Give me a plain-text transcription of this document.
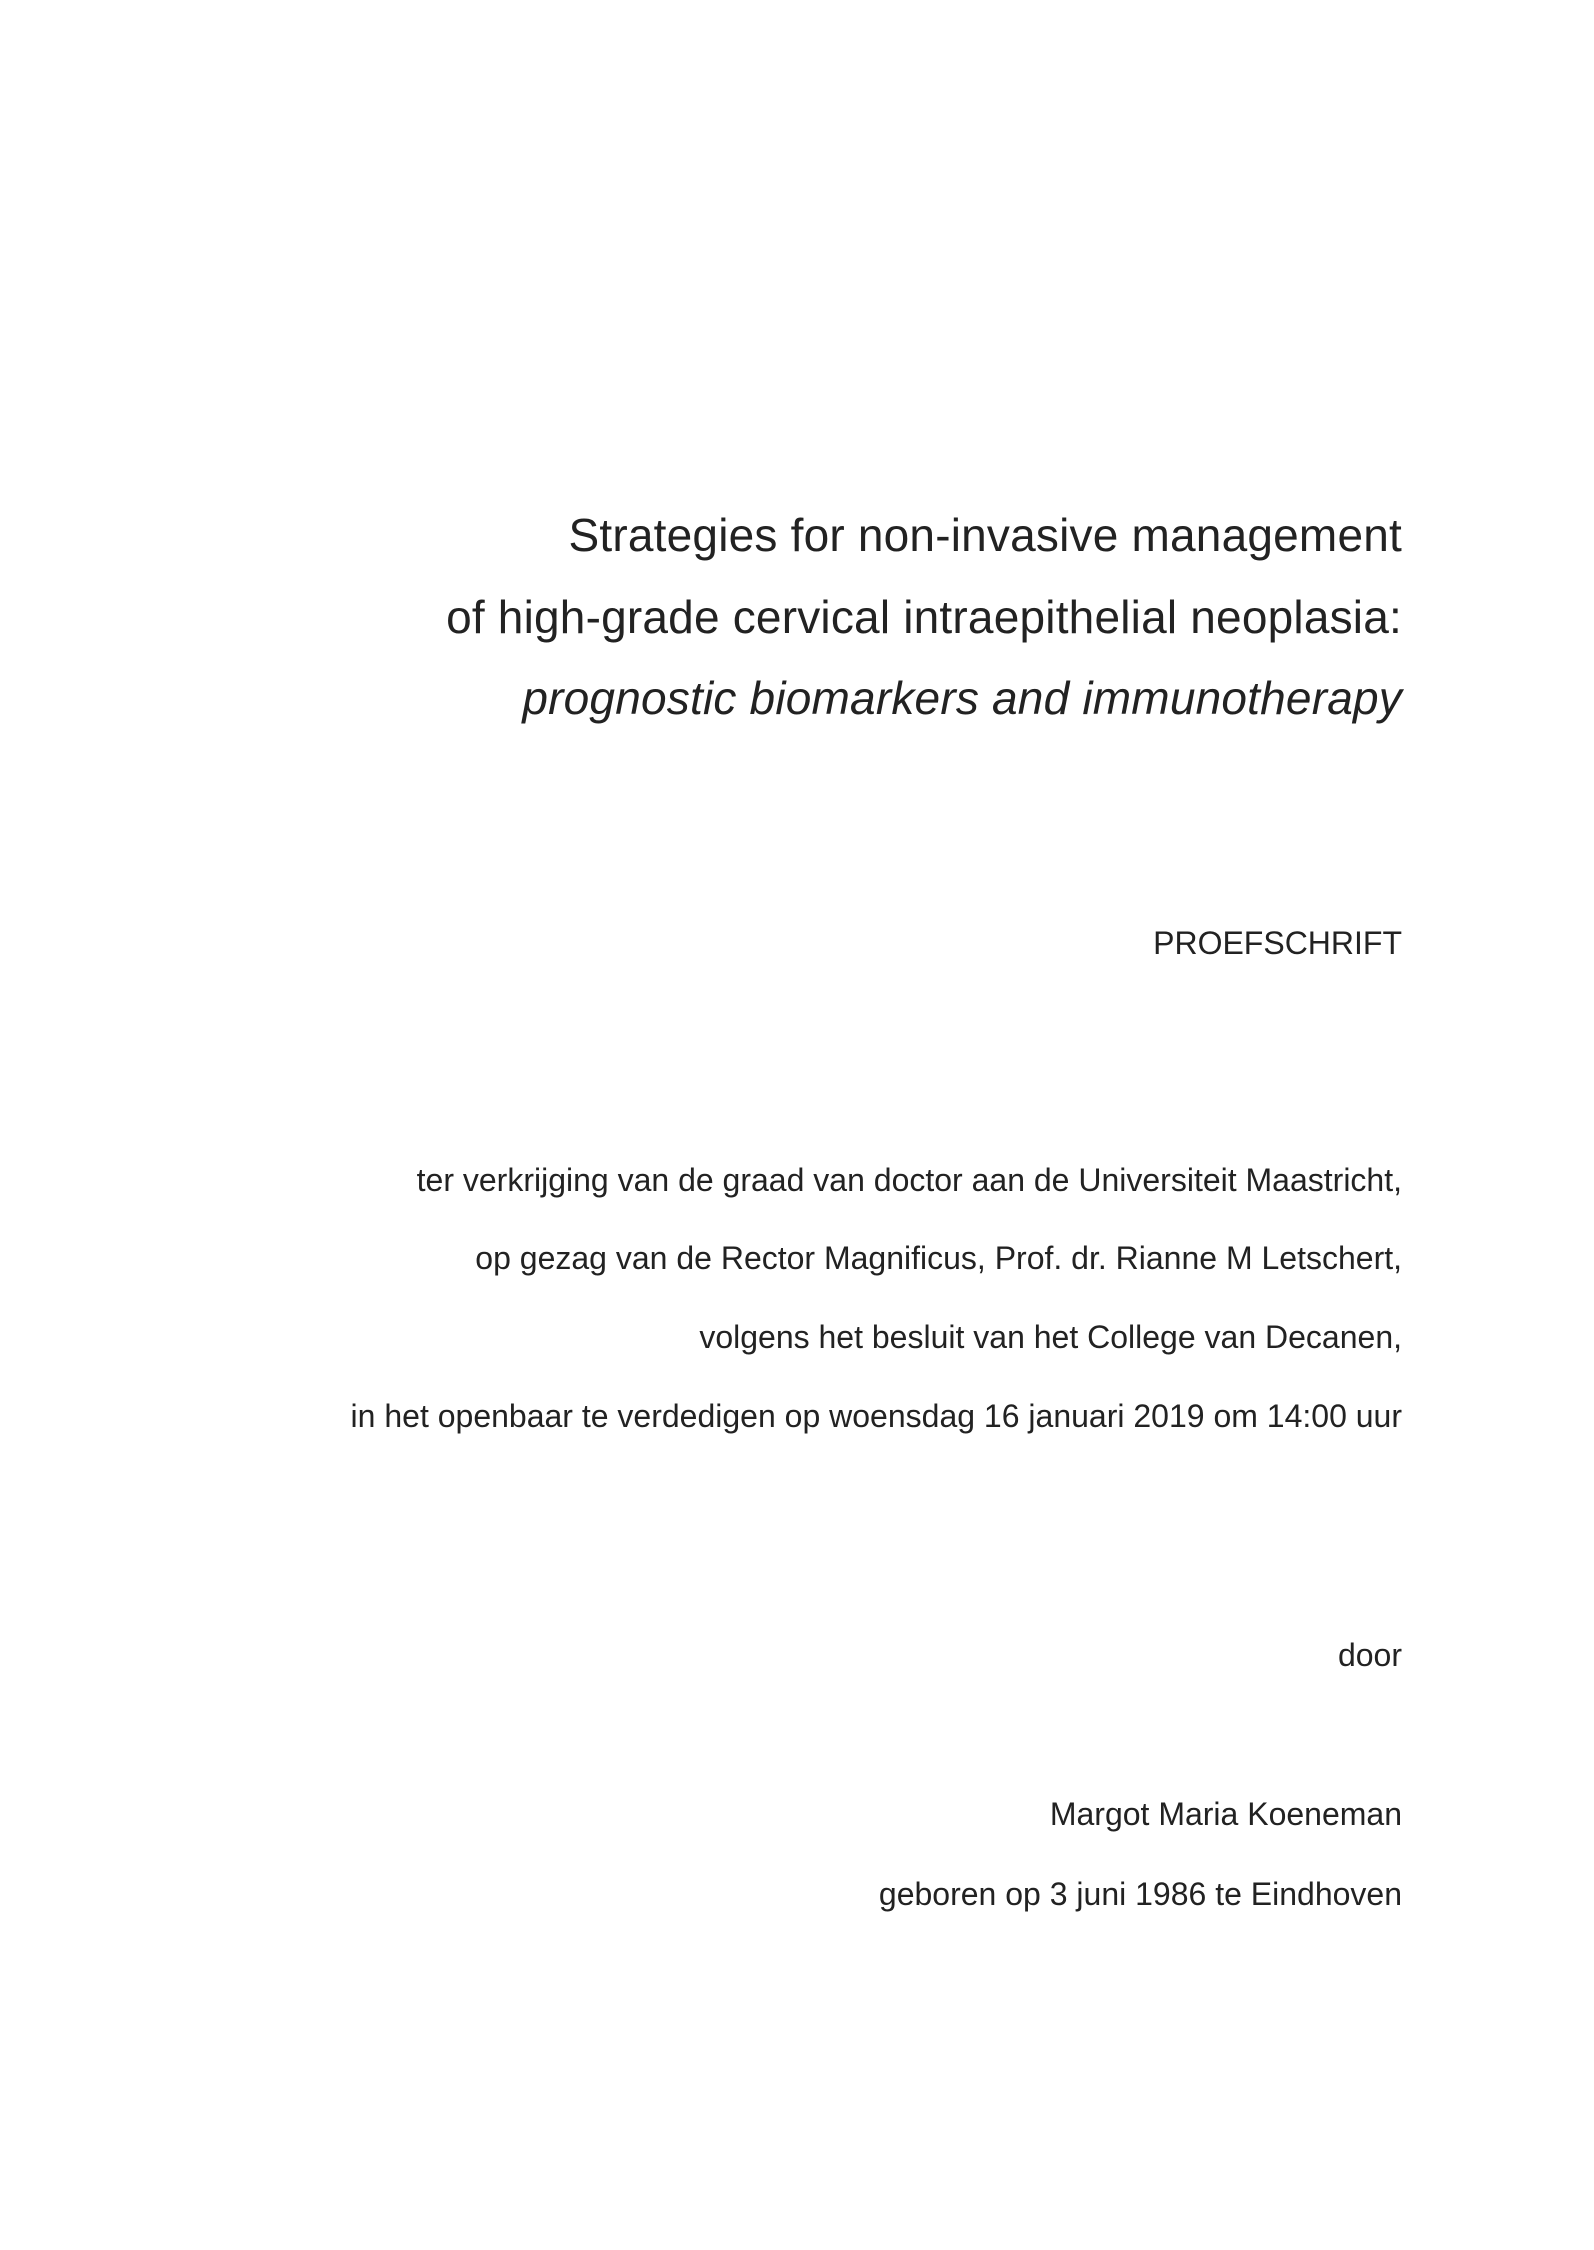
Strategies for non-invasive management
of high-grade cervical intraepithelial neoplasia:
prognostic biomarkers and immunotherapy
PROEFSCHRIFT
ter verkrijging van de graad van doctor aan de Universiteit Maastricht,
op gezag van de Rector Magnificus, Prof. dr. Rianne M Letschert,
volgens het besluit van het College van Decanen,
in het openbaar te verdedigen op woensdag 16 januari 2019 om 14:00 uur
door
Margot Maria Koeneman
geboren op 3 juni 1986 te Eindhoven
